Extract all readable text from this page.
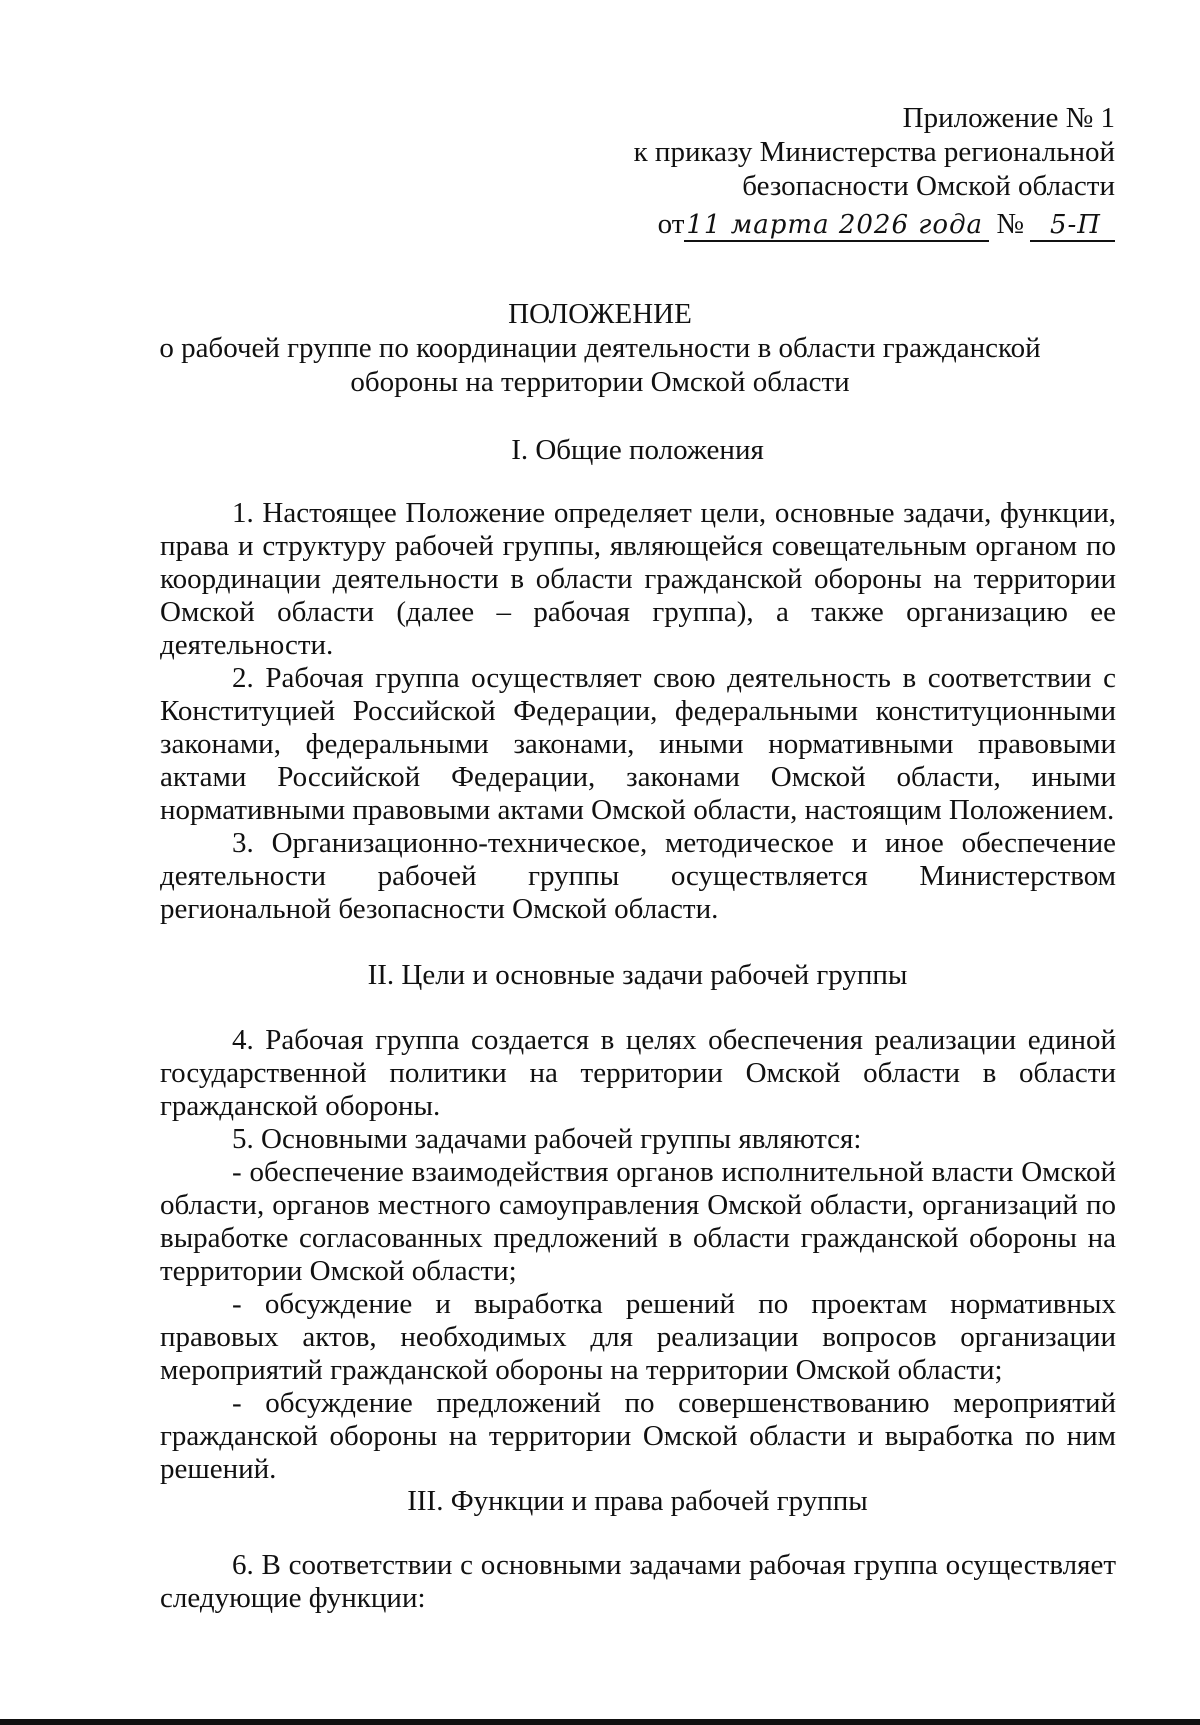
Приложение № 1
к приказу Министерства региональной
безопасности Омской области
от11 марта 2026 года № 5-П
ПОЛОЖЕНИЕ
о рабочей группе по координации деятельности в области гражданской обороны на территории Омской области
I. Общие положения

1. Настоящее Положение определяет цели, основные задачи, функции, права и структуру рабочей группы, являющейся совещательным органом по координации деятельности в области гражданской обороны на территории Омской области (далее – рабочая группа), а также организацию ее деятельности.

2. Рабочая группа осуществляет свою деятельность в соответствии с Конституцией Российской Федерации, федеральными конституционными законами, федеральными законами, иными нормативными правовыми актами Российской Федерации, законами Омской области, иными нормативными правовыми актами Омской области, настоящим Положением.

3. Организационно-техническое, методическое и иное обеспечение деятельности рабочей группы осуществляется Министерством региональной безопасности Омской области.

II. Цели и основные задачи рабочей группы

4. Рабочая группа создается в целях обеспечения реализации единой государственной политики на территории Омской области в области гражданской обороны.

5. Основными задачами рабочей группы являются:

- обеспечение взаимодействия органов исполнительной власти Омской области, органов местного самоуправления Омской области, организаций по выработке согласованных предложений в области гражданской обороны на территории Омской области;

- обсуждение и выработка решений по проектам нормативных правовых актов, необходимых для реализации вопросов организации мероприятий гражданской обороны на территории Омской области;

- обсуждение предложений по совершенствованию мероприятий гражданской обороны на территории Омской области и выработка по ним решений.

III. Функции и права рабочей группы

6. В соответствии с основными задачами рабочая группа осуществляет следующие функции:
